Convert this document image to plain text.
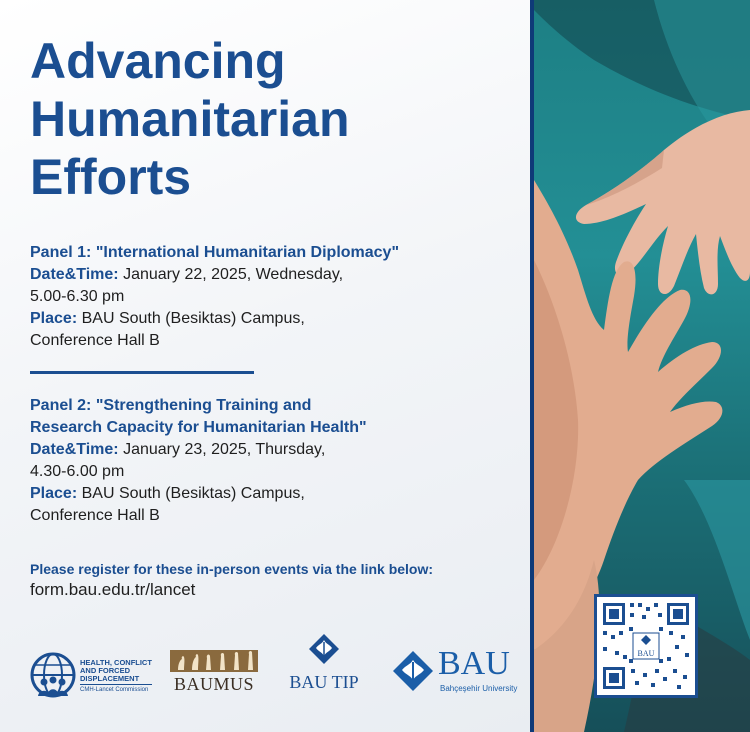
Advancing
Humanitarian
Efforts
Panel 1: "International Humanitarian Diplomacy"
Date&Time: January 22, 2025, Wednesday,
5.00-6.30 pm
Place: BAU South (Besiktas) Campus,
Conference Hall B
Panel 2: "Strengthening Training and
Research Capacity for Humanitarian Health"
Date&Time: January 23, 2025, Thursday,
4.30-6.00 pm
Place: BAU South (Besiktas) Campus,
Conference Hall B
Please register for these in-person events via the link below:
form.bau.edu.tr/lancet
HEALTH, CONFLICT
AND FORCED
DISPLACEMENT
CMH-Lancet Commission BAUMUS	BAU TIP BAU
Bahçeşehir University
BAU
